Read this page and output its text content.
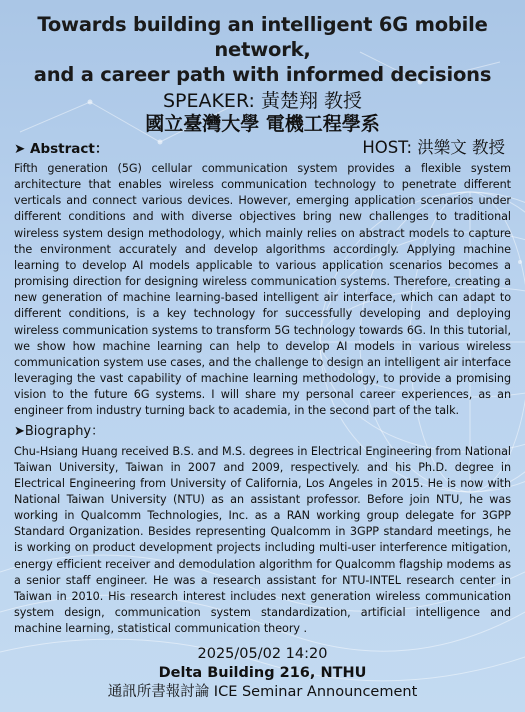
Towards building an intelligent 6G mobile network,
and a career path with informed decisions
SPEAKER: 黃楚翔 教授
國立臺灣大學 電機工程學系
➤ Abstract：	HOST: 洪樂文 教授

Fifth generation (5G) cellular communication system provides a flexible system architecture that enables wireless communication technology to penetrate different verticals and connect various devices. However, emerging application scenarios under different conditions and with diverse objectives bring new challenges to traditional wireless system design methodology, which mainly relies on abstract models to capture the environment accurately and develop algorithms accordingly. Applying machine learning to develop AI models applicable to various application scenarios becomes a promising direction for designing wireless communication systems. Therefore, creating a new generation of machine learning-based intelligent air interface, which can adapt to different conditions, is a key technology for successfully developing and deploying wireless communication systems to transform 5G technology towards 6G. In this tutorial, we show how machine learning can help to develop AI models in various wireless communication system use cases, and the challenge to design an intelligent air interface leveraging the vast capability of machine learning methodology, to provide a promising vision to the future 6G systems. I will share my personal career experiences, as an engineer from industry turning back to academia, in the second part of the talk.

➤Biography：

Chu-Hsiang Huang received B.S. and M.S. degrees in Electrical Engineering from National Taiwan University, Taiwan in 2007 and 2009, respectively. and his Ph.D. degree in Electrical Engineering from University of California, Los Angeles in 2015. He is now with National Taiwan University (NTU) as an assistant professor. Before join NTU, he was working in Qualcomm Technologies, Inc. as a RAN working group delegate for 3GPP Standard Organization. Besides representing Qualcomm in 3GPP standard meetings, he is working on product development projects including multi-user interference mitigation, energy efficient receiver and demodulation algorithm for Qualcomm flagship modems as a senior staff engineer. He was a research assistant for NTU-INTEL research center in Taiwan in 2010. His research interest includes next generation wireless communication system design, communication system standardization, artificial intelligence and machine learning, statistical communication theory .

2025/05/02 14:20
Delta Building 216, NTHU
通訊所書報討論 ICE Seminar Announcement
